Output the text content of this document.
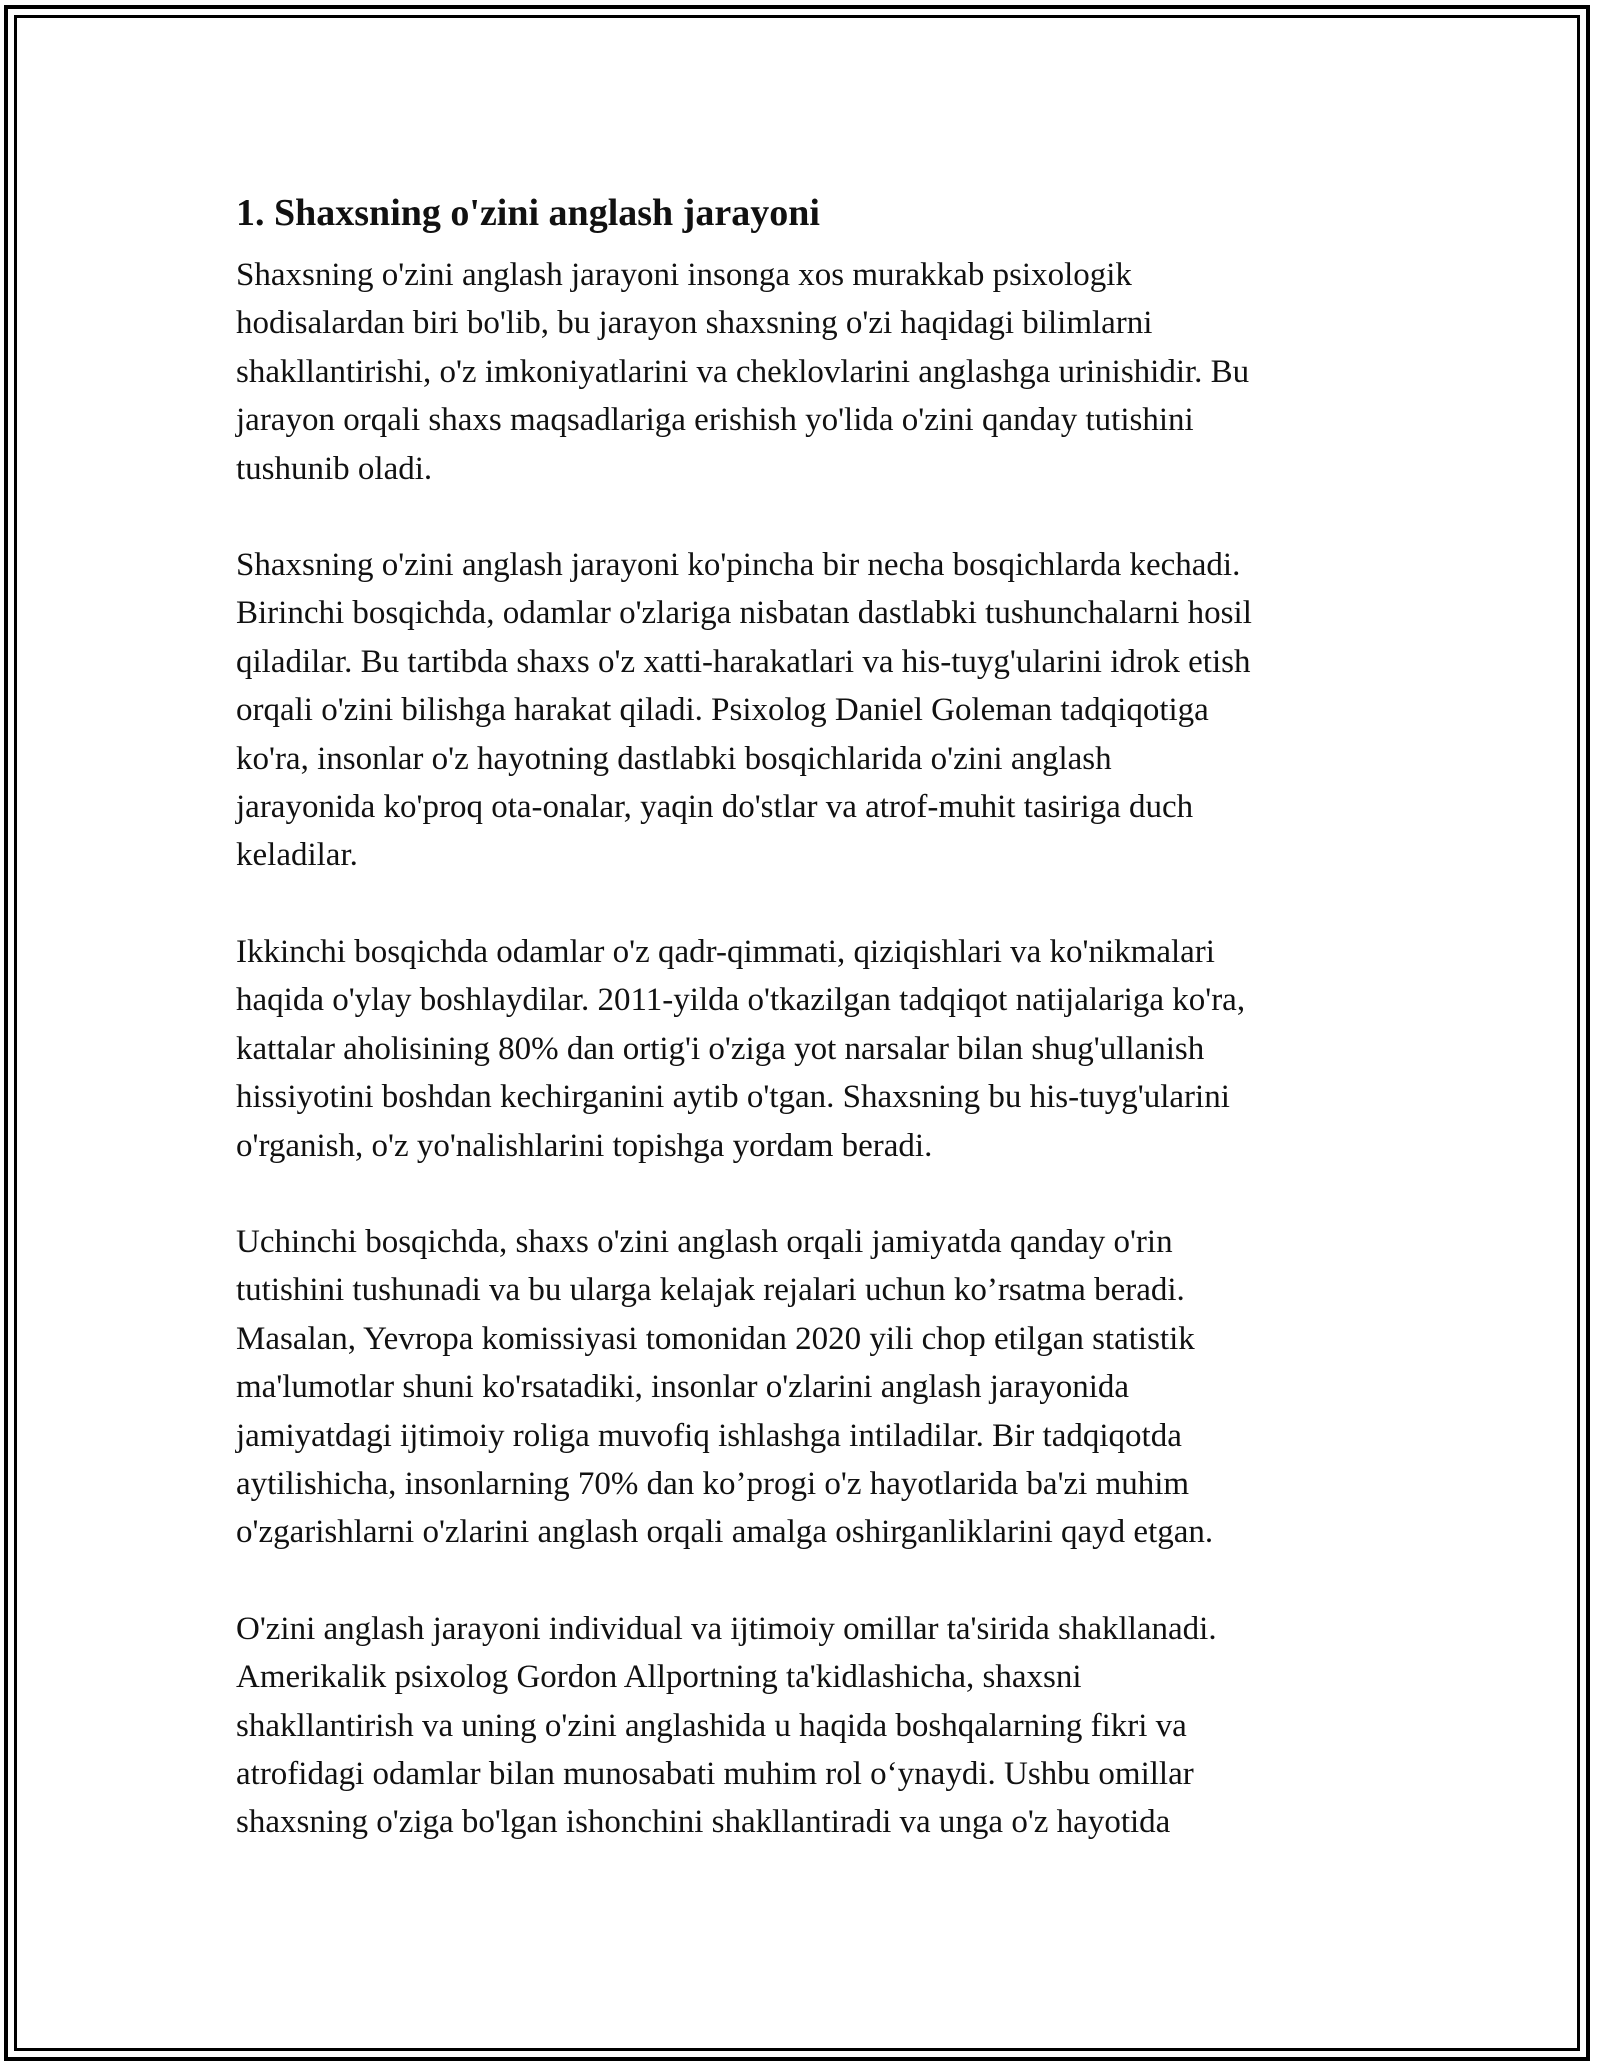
1. Shaxsning o'zini anglash jarayoni

Shaxsning o'zini anglash jarayoni insonga xos murakkab psixologik
hodisalardan biri bo'lib, bu jarayon shaxsning o'zi haqidagi bilimlarni
shakllantirishi, o'z imkoniyatlarini va cheklovlarini anglashga urinishidir. Bu
jarayon orqali shaxs maqsadlariga erishish yo'lida o'zini qanday tutishini
tushunib oladi.

Shaxsning o'zini anglash jarayoni ko'pincha bir necha bosqichlarda kechadi.
Birinchi bosqichda, odamlar o'zlariga nisbatan dastlabki tushunchalarni hosil
qiladilar. Bu tartibda shaxs o'z xatti-harakatlari va his-tuyg'ularini idrok etish
orqali o'zini bilishga harakat qiladi. Psixolog Daniel Goleman tadqiqotiga
ko'ra, insonlar o'z hayotning dastlabki bosqichlarida o'zini anglash
jarayonida ko'proq ota-onalar, yaqin do'stlar va atrof-muhit tasiriga duch
keladilar.

Ikkinchi bosqichda odamlar o'z qadr-qimmati, qiziqishlari va ko'nikmalari
haqida o'ylay boshlaydilar. 2011-yilda o'tkazilgan tadqiqot natijalariga ko'ra,
kattalar aholisining 80% dan ortig'i o'ziga yot narsalar bilan shug'ullanish
hissiyotini boshdan kechirganini aytib o'tgan. Shaxsning bu his-tuyg'ularini
o'rganish, o'z yo'nalishlarini topishga yordam beradi.

Uchinchi bosqichda, shaxs o'zini anglash orqali jamiyatda qanday o'rin
tutishini tushunadi va bu ularga kelajak rejalari uchun ko’rsatma beradi.
Masalan, Yevropa komissiyasi tomonidan 2020 yili chop etilgan statistik
ma'lumotlar shuni ko'rsatadiki, insonlar o'zlarini anglash jarayonida
jamiyatdagi ijtimoiy roliga muvofiq ishlashga intiladilar. Bir tadqiqotda
aytilishicha, insonlarning 70% dan ko’progi o'z hayotlarida ba'zi muhim
o'zgarishlarni o'zlarini anglash orqali amalga oshirganliklarini qayd etgan.

O'zini anglash jarayoni individual va ijtimoiy omillar ta'sirida shakllanadi.
Amerikalik psixolog Gordon Allportning ta'kidlashicha, shaxsni
shakllantirish va uning o'zini anglashida u haqida boshqalarning fikri va
atrofidagi odamlar bilan munosabati muhim rol o‘ynaydi. Ushbu omillar
shaxsning o'ziga bo'lgan ishonchini shakllantiradi va unga o'z hayotida
